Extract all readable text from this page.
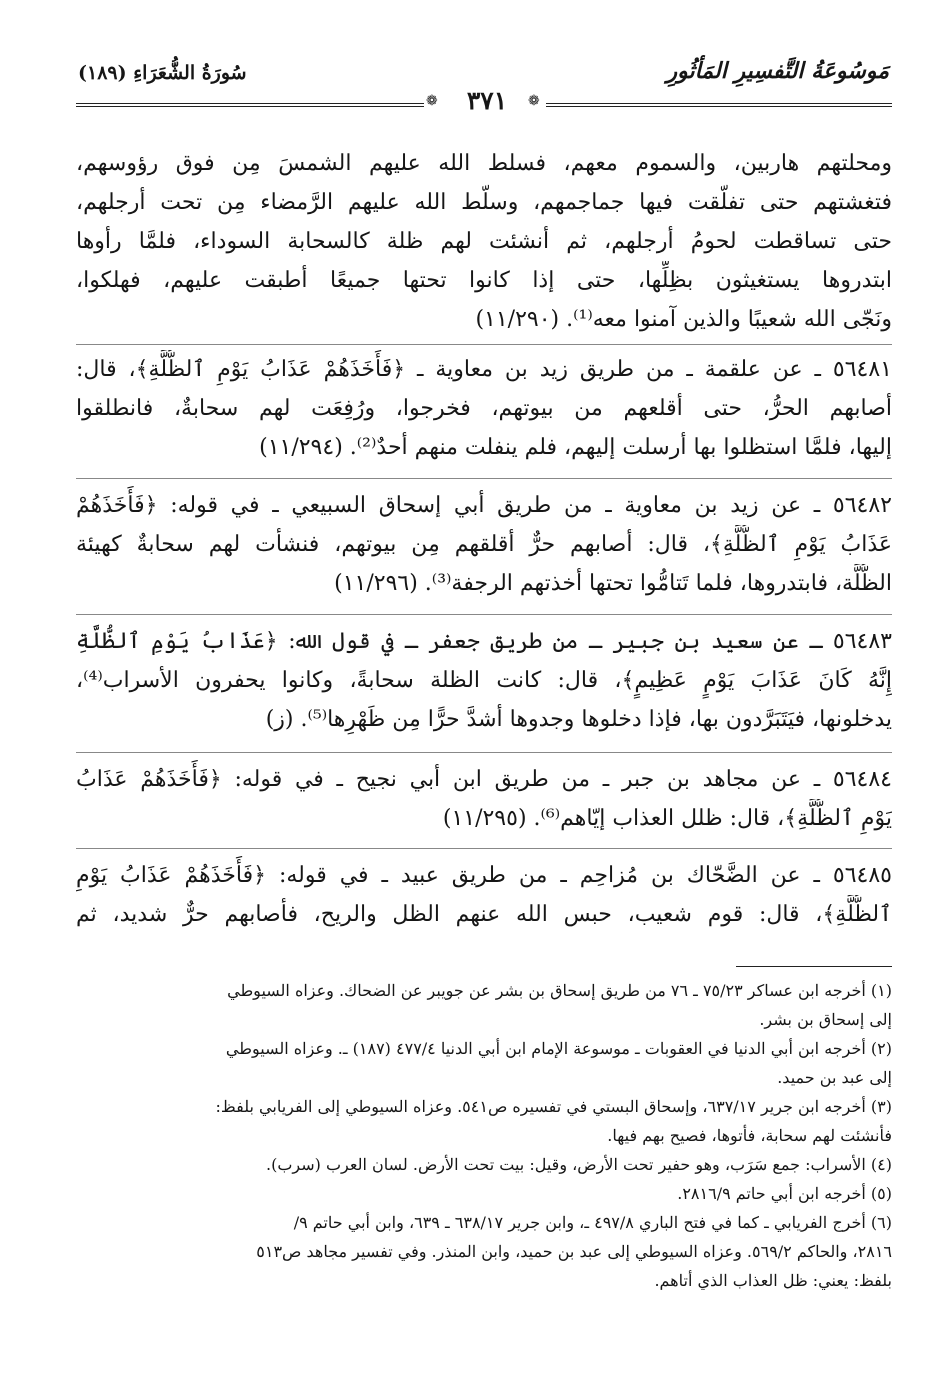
مَوسُوعَةُ التَّفسِيرِ المَأثُورِ
سُورَةُ الشُّعَرَاءِ (١٨٩)
❁	❁
٣٧١
ومحلتهم هاربين، والسموم معهم، فسلط الله عليهم الشمسَ مِن فوق رؤوسهم،
فتغشتهم حتى تفلّقت فيها جماجمهم، وسلّط الله عليهم الرَّمضاء مِن تحت أرجلهم،
حتى تساقطت لحومُ أرجلهم، ثم أنشئت لهم ظلة كالسحابة السوداء، فلمَّا رأوها
ابتدروها يستغيثون بظِلِّها، حتى إذا كانوا تحتها جميعًا أطبقت عليهم، فهلكوا،
ونَجّى الله شعيبًا والذين آمنوا معه⁽¹⁾. (١١/٢٩٠)
٥٦٤٨١ ـ عن علقمة ـ من طريق زيد بن معاوية ـ ﴿فَأَخَذَهُمْ عَذَابُ يَوْمِ ٱلظُّلَّةِ﴾، قال:
أصابهم الحرُّ، حتى أقلعهم من بيوتهم، فخرجوا، ورُفِعَت لهم سحابةٌ، فانطلقوا
إليها، فلمَّا استظلوا بها أرسلت إليهم، فلم ينفلت منهم أحدٌ⁽²⁾. (١١/٢٩٤)
٥٦٤٨٢ ـ عن زيد بن معاوية ـ من طريق أبي إسحاق السبيعي ـ في قوله: ﴿فَأَخَذَهُمْ
عَذَابُ يَوْمِ ٱلظُّلَّةِ﴾، قال: أصابهم حرٌّ أقلقهم مِن بيوتهم، فنشأت لهم سحابةٌ كهيئة
الظُّلَّة، فابتدروها، فلما تَتامُّوا تحتها أخذتهم الرجفة⁽³⁾. (١١/٢٩٦)
٥٦٤٨٣ ـ عن سعيد بن جبير ـ من طريق جعفر ـ في قول الله: ﴿عَذَابُ يَوْمِ ٱلظُّلَّةِ
إِنَّهُ كَانَ عَذَابَ يَوْمٍ عَظِيمٍ﴾، قال: كانت الظلة سحابةً، وكانوا يحفرون الأسراب⁽⁴⁾،
يدخلونها، فيَتَبَرَّدون بها، فإذا دخلوها وجدوها أشدَّ حرًّا مِن ظَهْرِها⁽⁵⁾. (ز)
٥٦٤٨٤ ـ عن مجاهد بن جبر ـ من طريق ابن أبي نجيح ـ في قوله: ﴿فَأَخَذَهُمْ عَذَابُ
يَوْمِ ٱلظُّلَّةِ﴾، قال: ظلل العذاب إيّاهم⁽⁶⁾. (١١/٢٩٥)
٥٦٤٨٥ ـ عن الضَّحّاك بن مُزاحِم ـ من طريق عبيد ـ في قوله: ﴿فَأَخَذَهُمْ عَذَابُ يَوْمِ
ٱلظُّلَّةِ﴾، قال: قوم شعيب، حبس الله عنهم الظل والريح، فأصابهم حرٌّ شديد، ثم
(١) أخرجه ابن عساكر ٧٥/٢٣ ـ ٧٦ من طريق إسحاق بن بشر عن جويبر عن الضحاك. وعزاه السيوطي
إلى إسحاق بن بشر.
(٢) أخرجه ابن أبي الدنيا في العقوبات ـ موسوعة الإمام ابن أبي الدنيا ٤٧٧/٤ (١٨٧) ـ. وعزاه السيوطي
إلى عبد بن حميد.
(٣) أخرجه ابن جرير ٦٣٧/١٧، وإسحاق البستي في تفسيره ص٥٤١. وعزاه السيوطي إلى الفريابي بلفظ:
فأنشئت لهم سحابة، فأتوها، فصيح بهم فيها.
(٤) الأسراب: جمع سَرَب، وهو حفير تحت الأرض، وقيل: بيت تحت الأرض. لسان العرب (سرب).
(٥) أخرجه ابن أبي حاتم ٢٨١٦/٩.
(٦) أخرج الفريابي ـ كما في فتح الباري ٤٩٧/٨ ـ، وابن جرير ٦٣٨/١٧ ـ ٦٣٩، وابن أبي حاتم ٩/
٢٨١٦، والحاكم ٥٦٩/٢. وعزاه السيوطي إلى عبد بن حميد، وابن المنذر. وفي تفسير مجاهد ص٥١٣
بلفظ: يعني: ظل العذاب الذي أتاهم.
